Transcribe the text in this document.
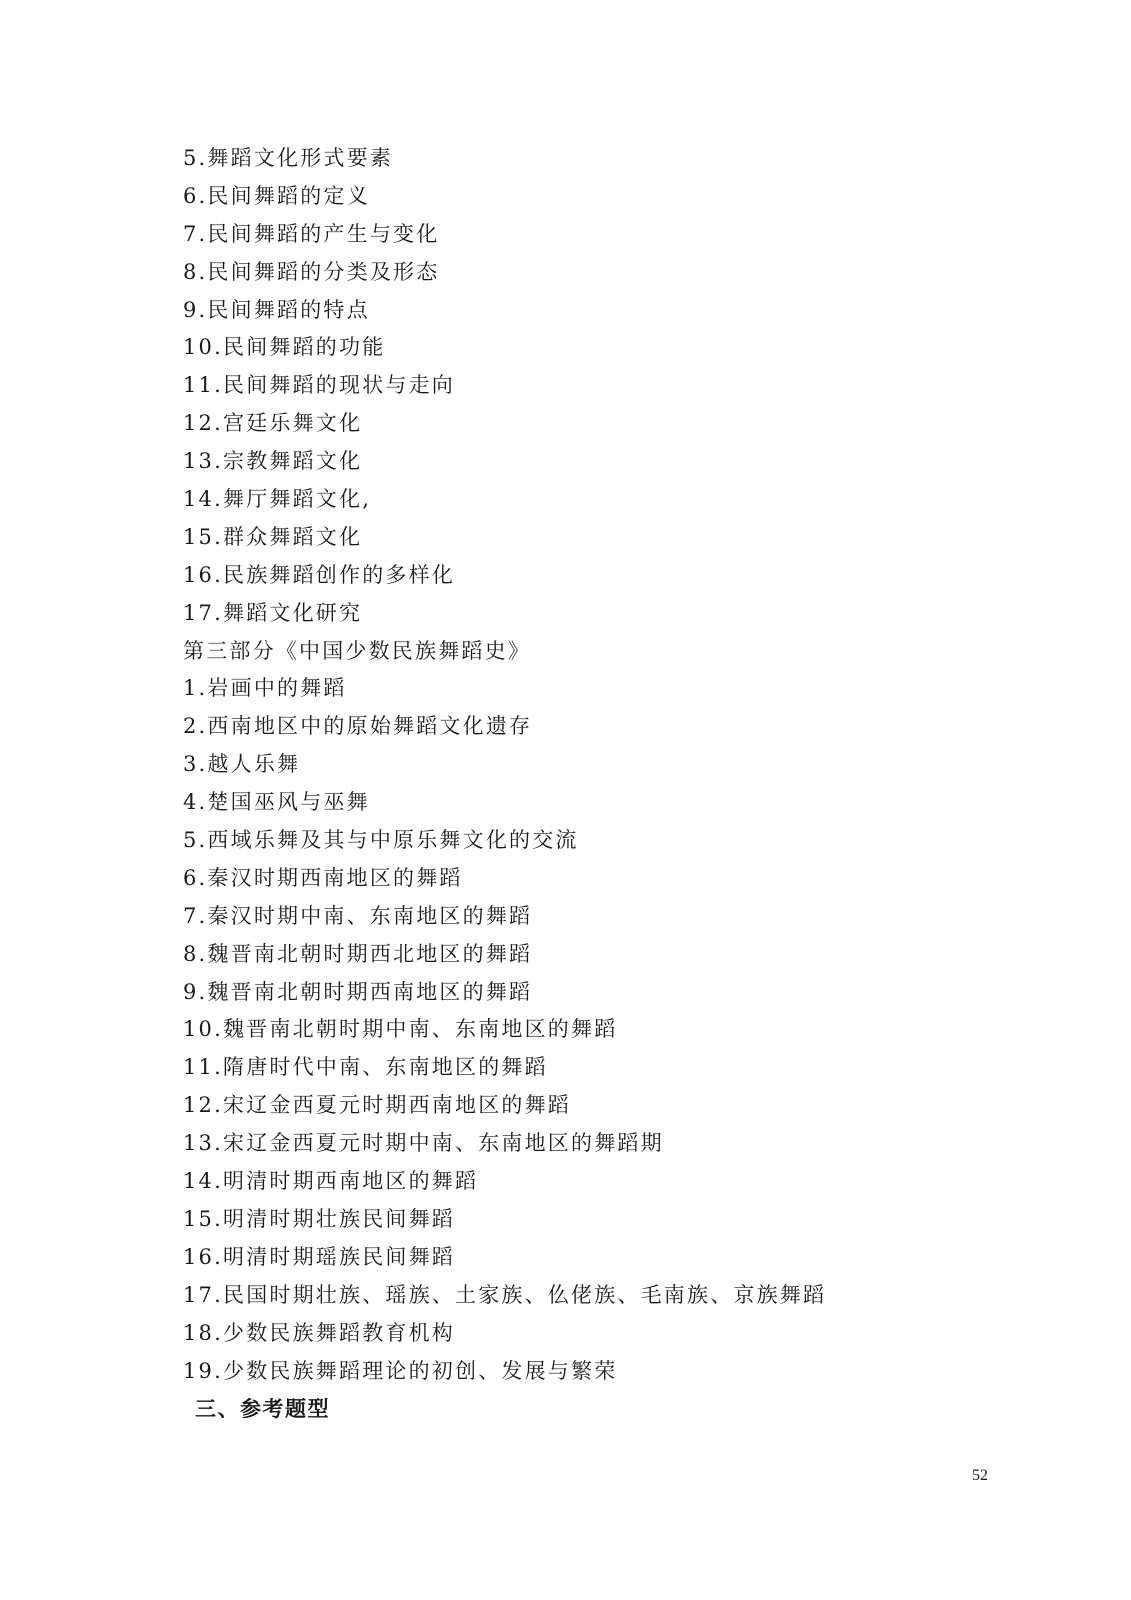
5.舞蹈文化形式要素
6.民间舞蹈的定义
7.民间舞蹈的产生与变化
8.民间舞蹈的分类及形态
9.民间舞蹈的特点
10.民间舞蹈的功能
11.民间舞蹈的现状与走向
12.宫廷乐舞文化
13.宗教舞蹈文化
14.舞厅舞蹈文化,
15.群众舞蹈文化
16.民族舞蹈创作的多样化
17.舞蹈文化研究
第三部分《中国少数民族舞蹈史》
1.岩画中的舞蹈
2.西南地区中的原始舞蹈文化遗存
3.越人乐舞
4.楚国巫风与巫舞
5.西域乐舞及其与中原乐舞文化的交流
6.秦汉时期西南地区的舞蹈
7.秦汉时期中南、东南地区的舞蹈
8.魏晋南北朝时期西北地区的舞蹈
9.魏晋南北朝时期西南地区的舞蹈
10.魏晋南北朝时期中南、东南地区的舞蹈
11.隋唐时代中南、东南地区的舞蹈
12.宋辽金西夏元时期西南地区的舞蹈
13.宋辽金西夏元时期中南、东南地区的舞蹈期
14.明清时期西南地区的舞蹈
15.明清时期壮族民间舞蹈
16.明清时期瑶族民间舞蹈
17.民国时期壮族、瑶族、土家族、仫佬族、毛南族、京族舞蹈
18.少数民族舞蹈教育机构
19.少数民族舞蹈理论的初创、发展与繁荣
三、参考题型
52
